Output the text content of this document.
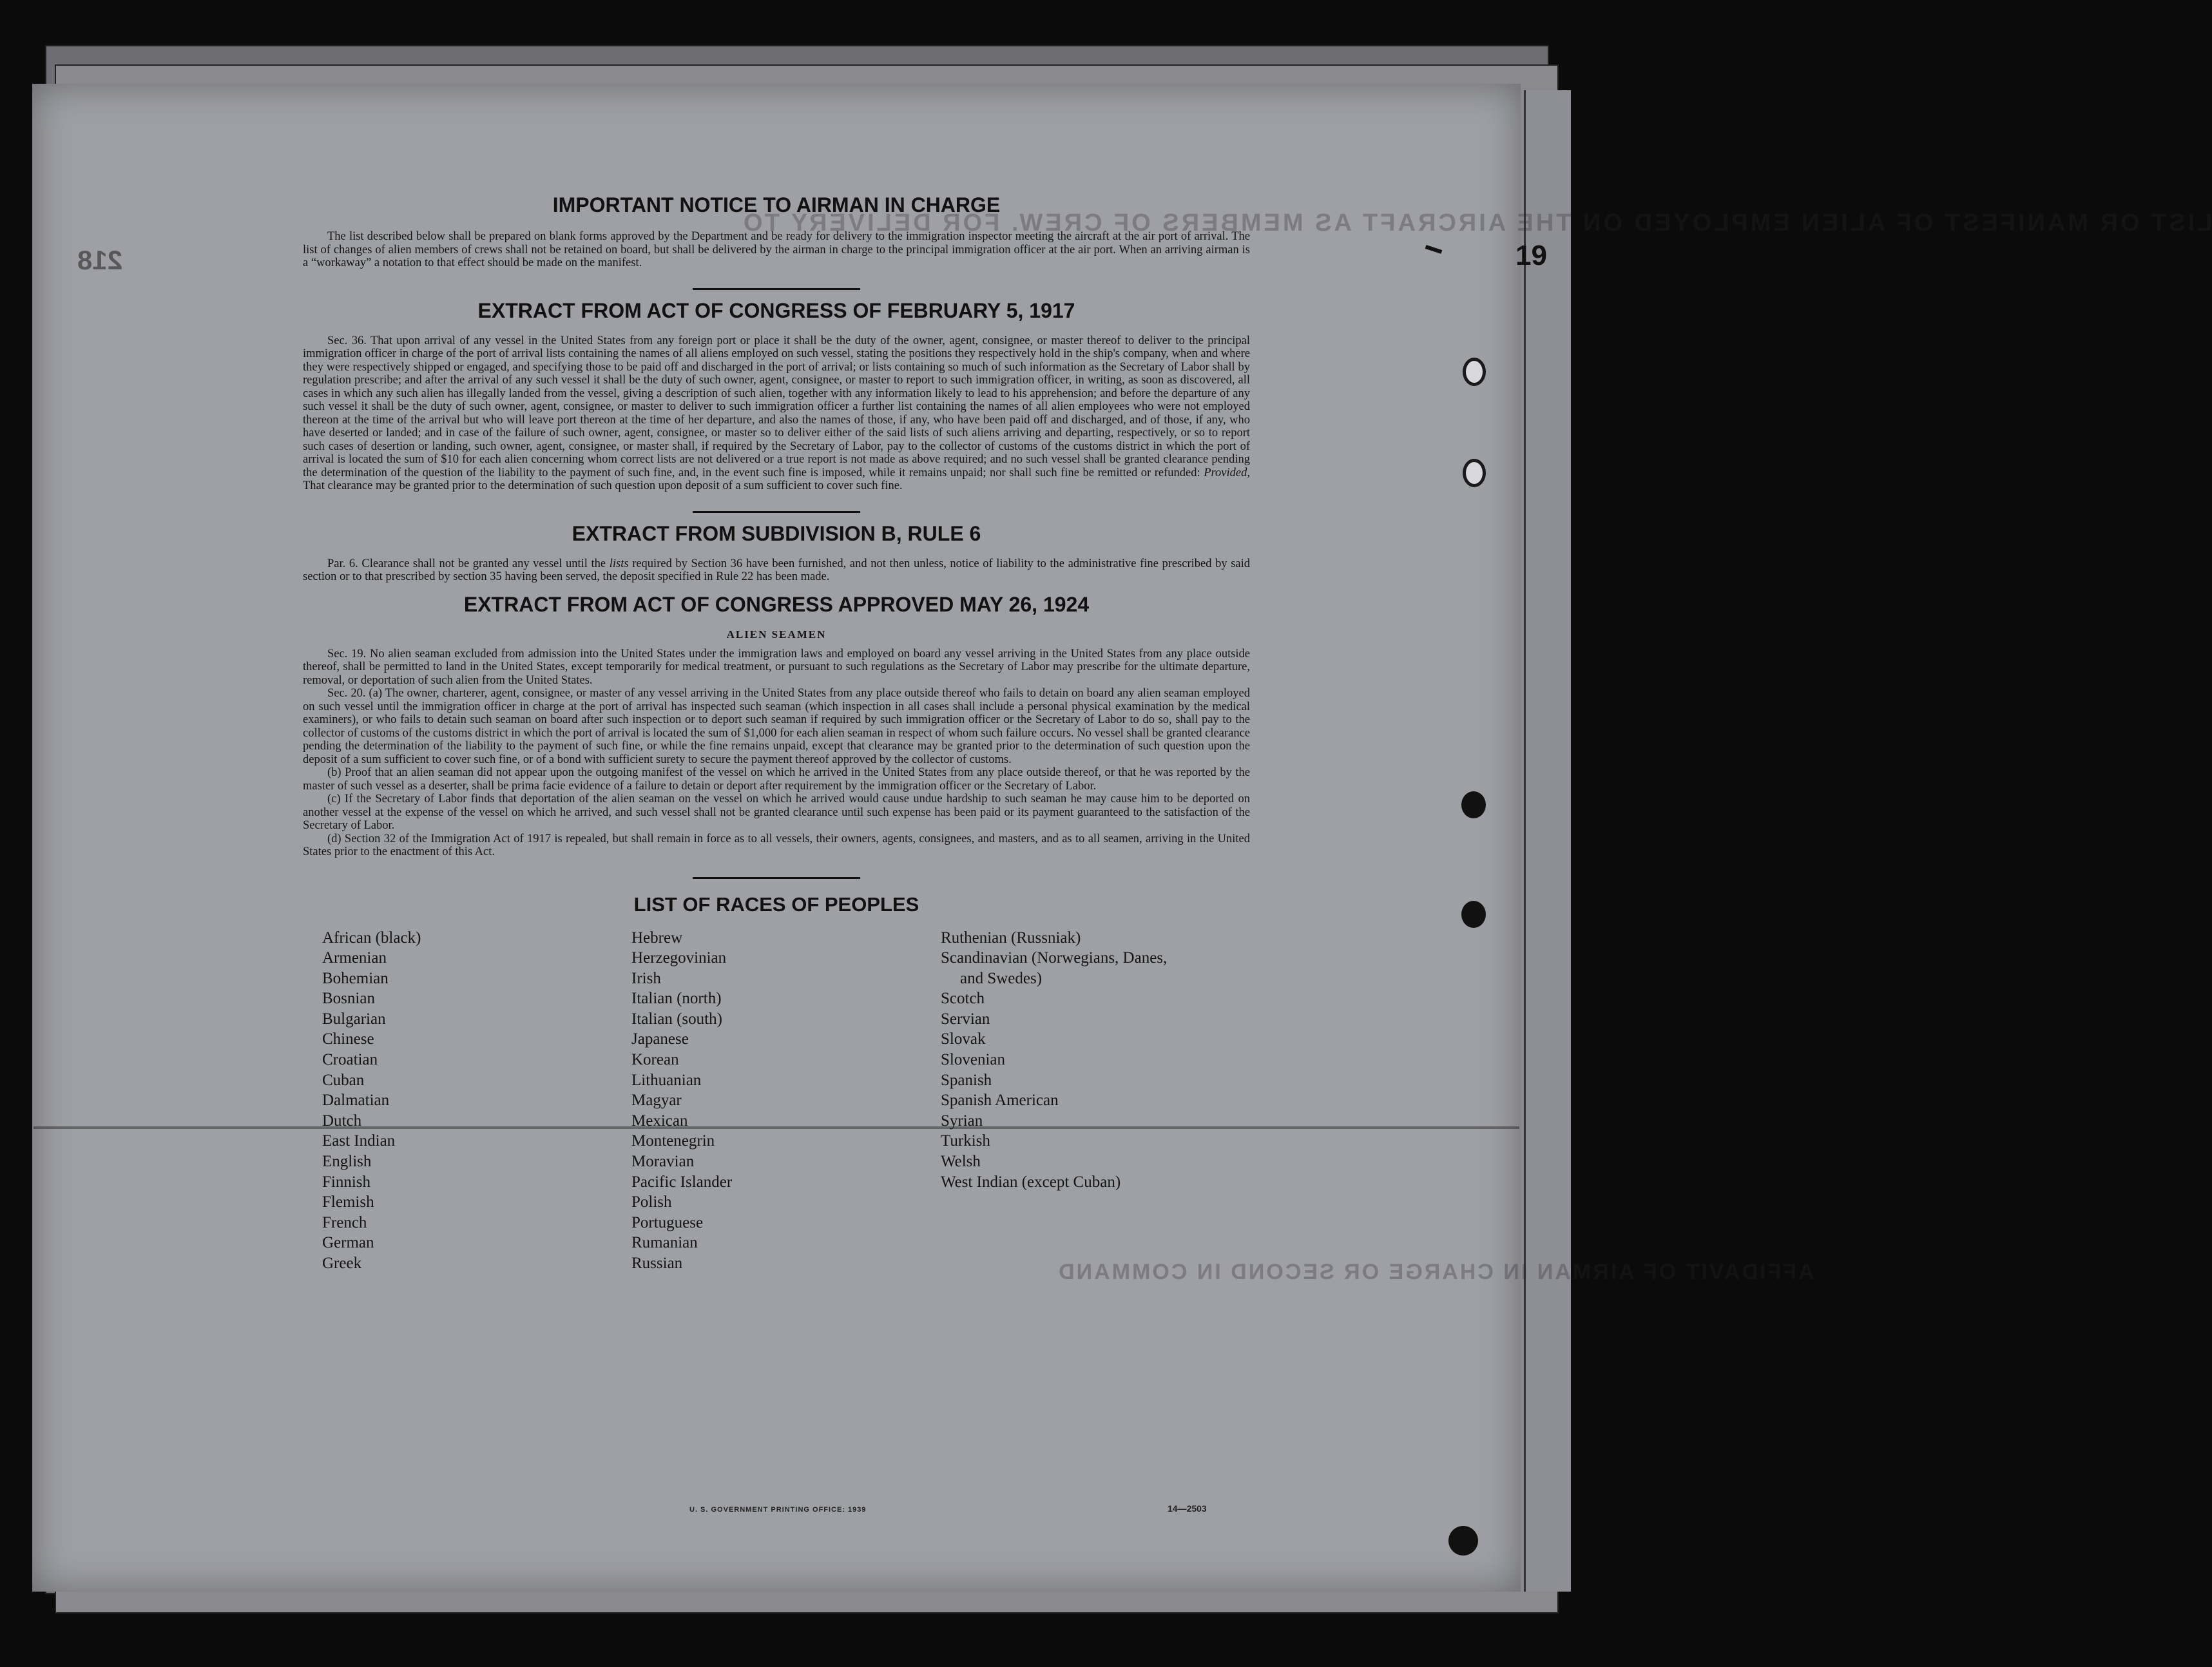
LIST OR MANIFEST OF ALIEN EMPLOYED ON THE AIRCRAFT AS MEMBERS OF CREW. FOR DELIVERY TO
AFFIDAVIT OF AIRMAN IN CHARGE OR SECOND IN COMMAND
218	19
IMPORTANT NOTICE TO AIRMAN IN CHARGE

The list described below shall be prepared on blank forms approved by the Department and be ready for delivery to the immigration inspector meeting the aircraft at the air port of arrival. The list of changes of alien members of crews shall not be retained on board, but shall be delivered by the airman in charge to the principal immigration officer at the air port. When an arriving airman is a “workaway” a notation to that effect should be made on the manifest.

EXTRACT FROM ACT OF CONGRESS OF FEBRUARY 5, 1917

Sec. 36. That upon arrival of any vessel in the United States from any foreign port or place it shall be the duty of the owner, agent, consignee, or master thereof to deliver to the principal immigration officer in charge of the port of arrival lists containing the names of all aliens employed on such vessel, stating the positions they respectively hold in the ship's company, when and where they were respectively shipped or engaged, and specifying those to be paid off and discharged in the port of arrival; or lists containing so much of such information as the Secretary of Labor shall by regulation prescribe; and after the arrival of any such vessel it shall be the duty of such owner, agent, consignee, or master to report to such immigration officer, in writing, as soon as discovered, all cases in which any such alien has illegally landed from the vessel, giving a description of such alien, together with any information likely to lead to his apprehension; and before the departure of any such vessel it shall be the duty of such owner, agent, consignee, or master to deliver to such immigration officer a further list containing the names of all alien employees who were not employed thereon at the time of the arrival but who will leave port thereon at the time of her departure, and also the names of those, if any, who have been paid off and discharged, and of those, if any, who have deserted or landed; and in case of the failure of such owner, agent, consignee, or master so to deliver either of the said lists of such aliens arriving and departing, respectively, or so to report such cases of desertion or landing, such owner, agent, consignee, or master shall, if required by the Secretary of Labor, pay to the collector of customs of the customs district in which the port of arrival is located the sum of $10 for each alien concerning whom correct lists are not delivered or a true report is not made as above required; and no such vessel shall be granted clearance pending the determination of the question of the liability to the payment of such fine, and, in the event such fine is imposed, while it remains unpaid; nor shall such fine be remitted or refunded: Provided, That clearance may be granted prior to the determination of such question upon deposit of a sum sufficient to cover such fine.

EXTRACT FROM SUBDIVISION B, RULE 6

Par. 6. Clearance shall not be granted any vessel until the lists required by Section 36 have been furnished, and not then unless, notice of liability to the administrative fine prescribed by said section or to that prescribed by section 35 having been served, the deposit specified in Rule 22 has been made.

EXTRACT FROM ACT OF CONGRESS APPROVED MAY 26, 1924
ALIEN SEAMEN

Sec. 19. No alien seaman excluded from admission into the United States under the immigration laws and employed on board any vessel arriving in the United States from any place outside thereof, shall be permitted to land in the United States, except temporarily for medical treatment, or pursuant to such regulations as the Secretary of Labor may prescribe for the ultimate departure, removal, or deportation of such alien from the United States.

Sec. 20. (a) The owner, charterer, agent, consignee, or master of any vessel arriving in the United States from any place outside thereof who fails to detain on board any alien seaman employed on such vessel until the immigration officer in charge at the port of arrival has inspected such seaman (which inspection in all cases shall include a personal physical examination by the medical examiners), or who fails to detain such seaman on board after such inspection or to deport such seaman if required by such immigration officer or the Secretary of Labor to do so, shall pay to the collector of customs of the customs district in which the port of arrival is located the sum of $1,000 for each alien seaman in respect of whom such failure occurs. No vessel shall be granted clearance pending the determination of the liability to the payment of such fine, or while the fine remains unpaid, except that clearance may be granted prior to the determination of such question upon the deposit of a sum sufficient to cover such fine, or of a bond with sufficient surety to secure the payment thereof approved by the collector of customs.

(b) Proof that an alien seaman did not appear upon the outgoing manifest of the vessel on which he arrived in the United States from any place outside thereof, or that he was reported by the master of such vessel as a deserter, shall be prima facie evidence of a failure to detain or deport after requirement by the immigration officer or the Secretary of Labor.

(c) If the Secretary of Labor finds that deportation of the alien seaman on the vessel on which he arrived would cause undue hardship to such seaman he may cause him to be deported on another vessel at the expense of the vessel on which he arrived, and such vessel shall not be granted clearance until such expense has been paid or its payment guaranteed to the satisfaction of the Secretary of Labor.

(d) Section 32 of the Immigration Act of 1917 is repealed, but shall remain in force as to all vessels, their owners, agents, consignees, and masters, and as to all seamen, arriving in the United States prior to the enactment of this Act.

LIST OF RACES OF PEOPLES
African (black)
Armenian
Bohemian
Bosnian
Bulgarian
Chinese
Croatian
Cuban
Dalmatian
Dutch
East Indian
English
Finnish
Flemish
French
German
Greek
Hebrew
Herzegovinian
Irish
Italian (north)
Italian (south)
Japanese
Korean
Lithuanian
Magyar
Mexican
Montenegrin
Moravian
Pacific Islander
Polish
Portuguese
Rumanian
Russian
Ruthenian (Russniak)
Scandinavian (Norwegians, Danes,
and Swedes)
Scotch
Servian
Slovak
Slovenian
Spanish
Spanish American
Syrian
Turkish
Welsh
West Indian (except Cuban)
U. S. GOVERNMENT PRINTING OFFICE: 1939	14—2503
